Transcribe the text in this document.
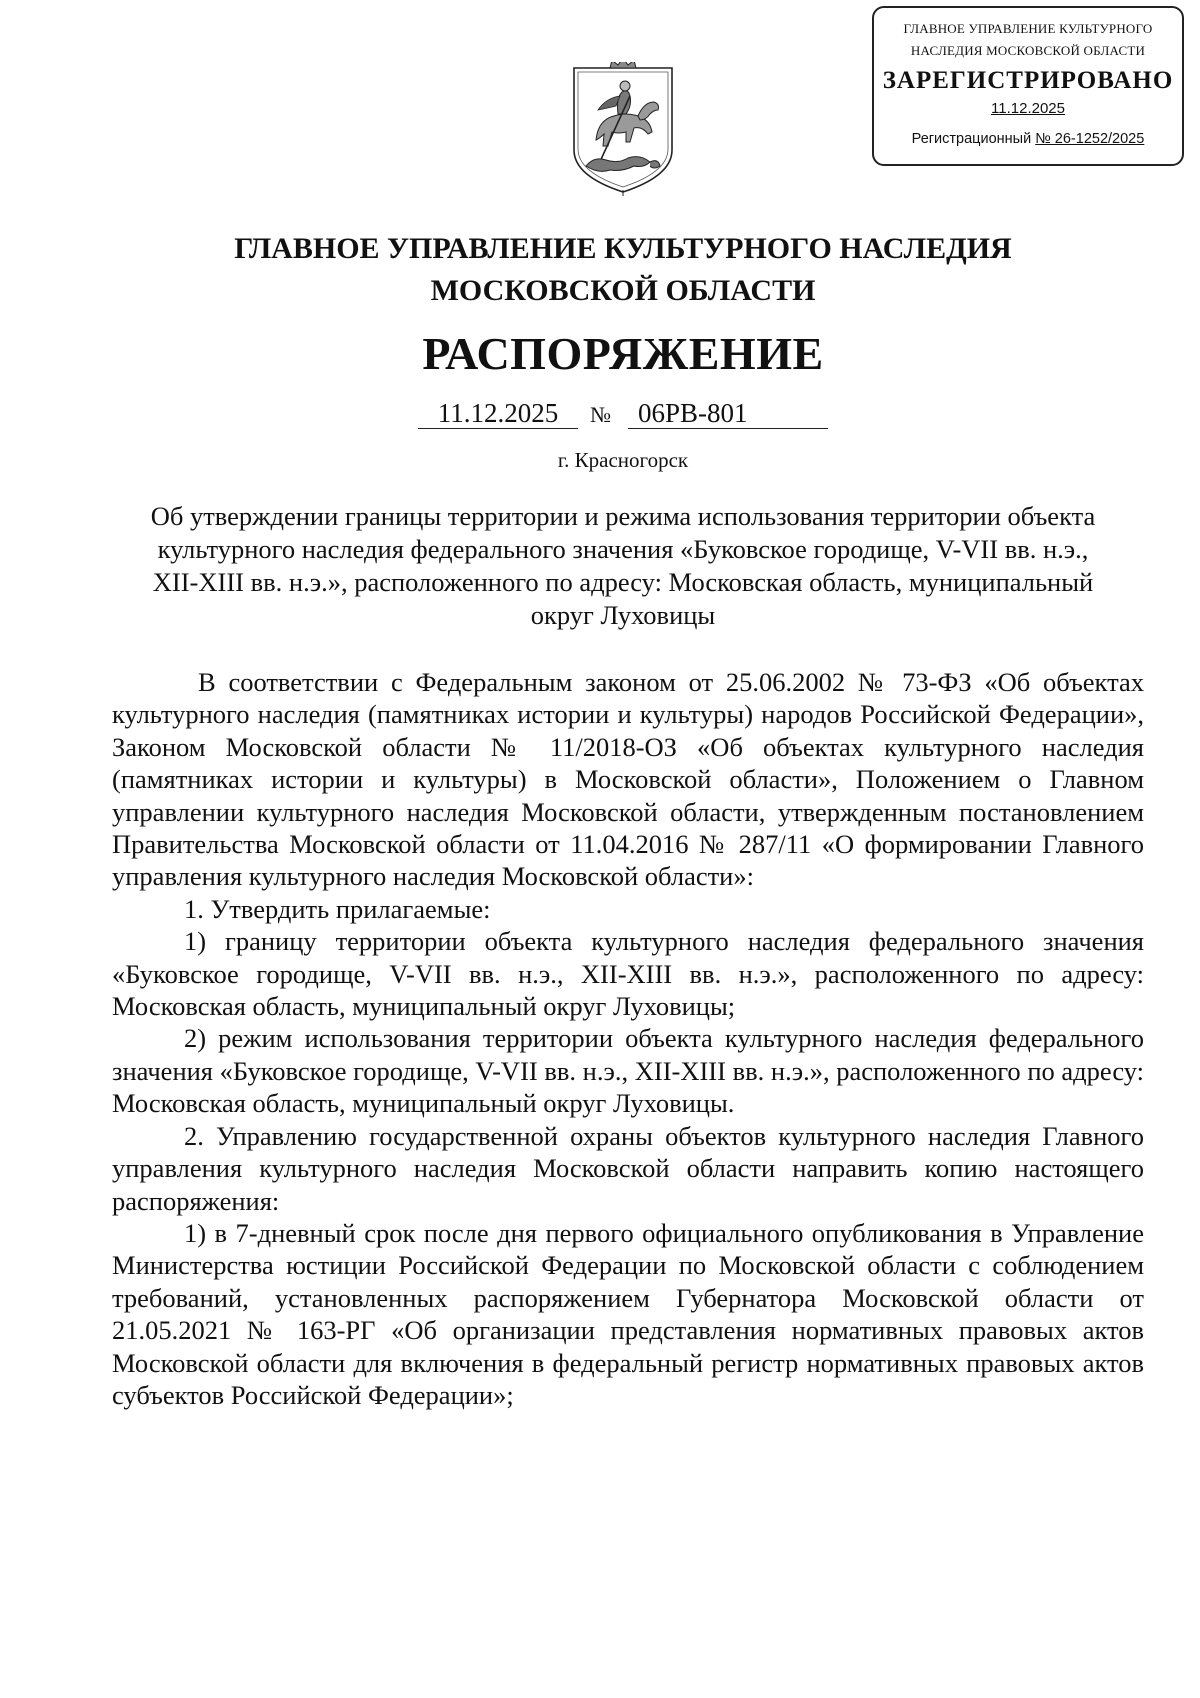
ГЛАВНОЕ УПРАВЛЕНИЕ КУЛЬТУРНОГО
НАСЛЕДИЯ МОСКОВСКОЙ ОБЛАСТИ
ЗАРЕГИСТРИРОВАНО
11.12.2025
Регистрационный № 26-1252/2025
ГЛАВНОЕ УПРАВЛЕНИЕ КУЛЬТУРНОГО НАСЛЕДИЯ
МОСКОВСКОЙ ОБЛАСТИ
РАСПОРЯЖЕНИЕ
11.12.2025	№	06РВ-801
г. Красногорск
Об утверждении границы территории и режима использования территории объекта
культурного наследия федерального значения «Буковское городище, V-VII вв. н.э.,
XII-XIII вв. н.э.», расположенного по адресу: Московская область, муниципальный
округ Луховицы

В соответствии с Федеральным законом от 25.06.2002 № 73-ФЗ «Об объектах культурного наследия (памятниках истории и культуры) народов Российской Федерации», Законом Московской области № 11/2018-ОЗ «Об объектах культурного наследия (памятниках истории и культуры) в Московской области», Положением о Главном управлении культурного наследия Московской области, утвержденным постановлением Правительства Московской области от 11.04.2016 № 287/11 «О формировании Главного управления культурного наследия Московской области»:

1. Утвердить прилагаемые:

1) границу территории объекта культурного наследия федерального значения «Буковское городище, V-VII вв. н.э., XII-XIII вв. н.э.», расположенного по адресу: Московская область, муниципальный округ Луховицы;

2) режим использования территории объекта культурного наследия федерального значения «Буковское городище, V-VII вв. н.э., XII-XIII вв. н.э.», расположенного по адресу: Московская область, муниципальный округ Луховицы.

2. Управлению государственной охраны объектов культурного наследия Главного управления культурного наследия Московской области направить копию настоящего распоряжения:

1) в 7-дневный срок после дня первого официального опубликования в Управление Министерства юстиции Российской Федерации по Московской области с соблюдением требований, установленных распоряжением Губернатора Московской области от 21.05.2021 № 163-РГ «Об организации представления нормативных правовых актов Московской области для включения в федеральный регистр нормативных правовых актов субъектов Российской Федерации»;
